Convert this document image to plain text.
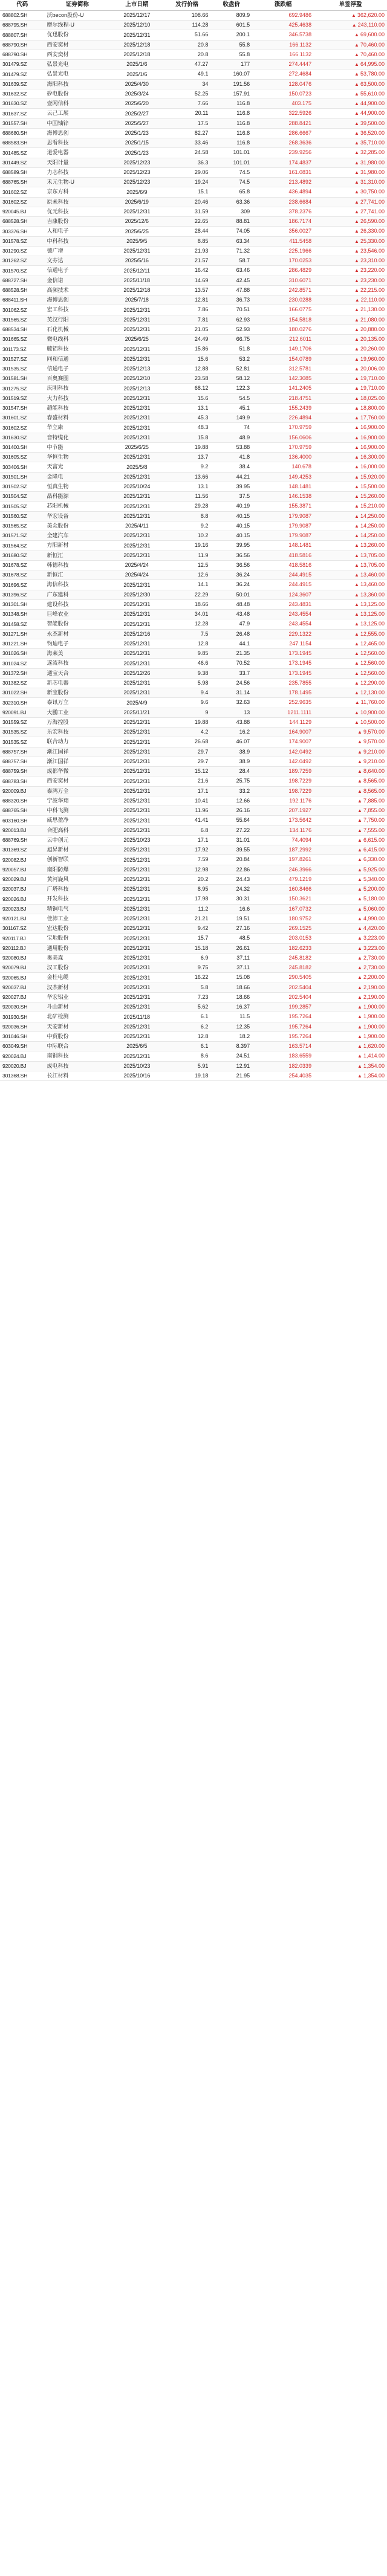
代码	证券简称	上市日期	发行价格	收盘价	涨跌幅	单签浮盈
688802.SH	沃becon股份-U	2025/12/17	108.66	809.9	692.9486	▲ 362,620.00
688795.SH	摩尔线程-U	2025/12/10	114.28	601.5	425.4638	▲ 243,110.00
688807.SH	优迅股份	2025/12/31	51.66	200.1	346.5738	▲ 69,600.00
688790.SH	西安奕材	2025/12/18	20.8	55.8	166.1132	▲ 70,460.00
688790.SH	西安奕材	2025/12/18	20.8	55.8	166.1132	▲ 70,460.00
301479.SZ	弘景光电	2025/1/6	47.27	177	274.4447	▲ 64,995.00
301479.SZ	弘景光电	2025/1/6	49.1	160.07	272.4684	▲ 53,780.00
301639.SZ	海阳科技	2025/4/30	34	191.56	128.0476	▲ 63,500.00
301632.SZ	矽电股份	2025/3/24	52.25	157.91	150.0723	▲ 55,610.00
301630.SZ	壹网信科	2025/6/20	7.66	116.8	403.175	▲ 44,900.00
301637.SZ	云己工展	2025/2/27	20.11	116.8	322.5926	▲ 44,900.00
301557.SH	中国铀锌	2025/5/27	17.5	116.8	288.8421	▲ 39,500.00
688680.SH	海博思创	2025/1/23	82.27	116.8	286.6667	▲ 36,520.00
688583.SH	思看科技	2025/1/15	33.46	116.8	268.3636	▲ 35,710.00
301485.SZ	道爱电器	2025/1/23	24.58	101.01	239.9256	▲ 32,285.00
301449.SZ	天阳计量	2025/12/23	36.3	101.01	174.4837	▲ 31,980.00
688589.SH	力芯科技	2025/12/23	29.06	74.5	161.0831	▲ 31,980.00
688765.SH	禾元生物-U	2025/12/23	19.24	74.5	213.4892	▲ 31,310.00
301602.SZ	京东方科	2025/6/9	15.1	65.8	436.4894	▲ 30,750.00
301602.SZ	原未科技	2025/6/19	20.46	63.36	238.6684	▲ 27,741.00
920045.BJ	优元科技	2025/12/31	31.59	309	378.2376	▲ 27,741.00
688528.SH	吉康股份	2025/12/6	22.65	88.81	186.7174	▲ 26,590.00
303376.SH	人和电子	2025/6/25	28.44	74.05	356.0027	▲ 26,330.00
301578.SZ	中科科技	2025/9/5	8.85	63.34	411.5458	▲ 25,330.00
301290.SZ	德广增	2025/12/31	21.93	71.32	225.1966	▲ 23,546.00
301262.SZ	文芬达	2025/5/16	21.57	58.7	170.0253	▲ 23,310.00
301570.SZ	信通电子	2025/12/11	16.42	63.46	286.4829	▲ 23,220.00
688727.SH	金信诺	2025/11/18	14.69	42.45	310.6071	▲ 23,230.00
688528.SH	高频技术	2025/12/18	13.57	47.88	242.8571	▲ 22,215.00
688411.SH	海博思创	2025/7/18	12.81	36.73	230.0288	▲ 22,110.00
301062.SZ	宏工科技	2025/12/31	7.86	70.51	166.0775	▲ 21,130.00
301565.SZ	英汉行阳	2025/12/31	7.81	62.93	154.5818	▲ 21,080.00
688534.SH	石化机械	2025/12/31	21.05	52.93	180.0276	▲ 20,880.00
301665.SZ	微电线科	2025/6/25	24.49	66.75	212.6011	▲ 20,135.00
301173.SZ	毓铝科技	2025/12/31	15.86	51.8	149.1706	▲ 20,260.00
301527.SZ	同和信通	2025/12/31	15.6	53.2	154.0789	▲ 19,960.00
301535.SZ	信通电子	2025/12/13	12.88	52.81	312.5781	▲ 20,006.00
301581.SH	百奥赛图	2025/12/10	23.58	58.12	142.3085	▲ 19,710.00
301275.SZ	庆刚科技	2025/12/13	68.12	122.3	141.2405	▲ 19,710.00
301519.SZ	大力科技	2025/12/31	15.6	54.5	218.4751	▲ 18,025.00
301547.SH	超能科技	2025/12/31	13.1	45.1	155.2439	▲ 18,800.00
301601.SZ	春盛材料	2025/12/31	45.3	149.9	226.4894	▲ 17,760.00
301602.SZ	华立康	2025/12/31	48.3	74	170.9759	▲ 16,900.00
301630.SZ	音特缆化	2025/12/31	15.8	48.9	156.0606	▲ 16,900.00
301400.SH	中节能	2025/6/25	19.88	53.88	170.9759	▲ 16,900.00
301605.SZ	华恒生物	2025/12/31	13.7	41.8	136.4000	▲ 16,300.00
303406.SH	天富光	2025/5/8	9.2	38.4	140.678	▲ 16,000.00
301501.SH	金隆电	2025/12/31	13.66	44.21	149.4253	▲ 15,920.00
301502.SZ	恒真生物	2025/10/24	13.1	39.95	148.1481	▲ 15,500.00
301504.SZ	晶科能源	2025/12/31	11.56	37.5	146.1538	▲ 15,260.00
301505.SZ	芯阳机械	2025/12/31	29.28	40.19	155.3871	▲ 15,210.00
301560.SZ	华宏设备	2025/12/31	8.8	40.15	179.9087	▲ 14,250.00
301565.SZ	美众股份	2025/4/11	9.2	40.15	179.9087	▲ 14,250.00
301571.SZ	全建汽车	2025/12/31	10.2	40.15	179.9087	▲ 14,250.00
301564.SZ	方阳新材	2025/12/31	19.16	39.95	148.1481	▲ 13,260.00
301680.SZ	新恒汇	2025/12/31	11.9	36.56	418.5816	▲ 13,705.00
301678.SZ	韩德科技	2025/4/24	12.5	36.56	418.5816	▲ 13,705.00
301678.SZ	新恒汇	2025/4/24	12.6	36.24	244.4915	▲ 13,460.00
301696.SZ	海信科技	2025/12/31	14.1	36.24	244.4915	▲ 13,460.00
301396.SZ	广东建科	2025/12/30	22.29	50.01	124.3607	▲ 13,360.00
301301.SH	建设科技	2025/12/31	18.66	48.48	243.4831	▲ 13,125.00
301348.SH	巨峰农业	2025/12/31	34.01	43.48	243.4554	▲ 13,125.00
301458.SZ	智能股份	2025/12/31	12.28	47.9	243.4554	▲ 13,125.00
301271.SH	永杰新材	2025/12/16	7.5	26.48	229.1322	▲ 12,555.00
301221.SH	钧迪电子	2025/12/31	12.8	44.1	247.1154	▲ 12,465.00
301026.SH	海莱美	2025/12/31	9.85	21.35	173.1945	▲ 12,560.00
301024.SZ	遂流科技	2025/12/31	46.6	70.52	173.1945	▲ 12,560.00
301372.SH	通宝天合	2025/12/26	9.38	33.7	173.1945	▲ 12,560.00
301382.SZ	新芯电器	2025/12/31	5.98	24.56	235.7855	▲ 12,290.00
301022.SH	新宝股份	2025/12/31	9.4	31.14	178.1495	▲ 12,130.00
302310.SH	泰讯万立	2025/4/9	9.6	32.63	252.9635	▲ 11,760.00
920091.BJ	大鹏工业	2025/11/21	9	13	1211.1111	▲ 10,900.00
301559.SZ	万海控股	2025/12/31	19.88	43.88	144.1129	▲ 10,500.00
301535.SZ	乐宏科技	2025/12/31	4.2	16.2	164.9007	▲ 9,570.00
301535.SZ	联合动力	2025/12/31	26.68	46.07	174.9007	▲ 9,570.00
688757.SH	渐江国祥	2025/12/31	29.7	38.9	142.0492	▲ 9,210.00
688757.SH	渐江国祥	2025/12/31	29.7	38.9	142.0492	▲ 9,210.00
688759.SH	成都华微	2025/12/31	15.12	28.4	189.7259	▲ 8,640.00
688783.SH	西安奕材	2025/12/31	21.6	25.75	198.7229	▲ 8,565.00
920009.BJ	泰鸿万全	2025/12/31	17.1	33.2	198.7229	▲ 8,565.00
688320.SH	宁波华翔	2025/12/31	10.41	12.66	192.1176	▲ 7,885.00
688765.SH	中科飞测	2025/12/31	11.96	26.16	207.1927	▲ 7,855.00
603160.SH	威思盈净	2025/12/31	41.41	55.64	173.5642	▲ 7,750.00
920013.BJ	合肥高科	2025/12/31	6.8	27.22	134.1176	▲ 7,555.00
688769.SH	云中创元	2025/10/23	17.1	31.01	74.4094	▲ 6,615.00
301369.SZ	旭昇新材	2025/12/31	17.92	39.55	187.2992	▲ 6,415.00
920082.BJ	创新智联	2025/12/31	7.59	20.84	197.8261	▲ 6,330.00
920057.BJ	南阳防爆	2025/12/31	12.98	22.86	246.3966	▲ 5,925.00
920029.BJ	黄河旋风	2025/12/31	20.2	24.43	479.1219	▲ 5,340.00
920037.BJ	广塔科技	2025/12/31	8.95	24.32	160.8466	▲ 5,200.00
920026.BJ	开发科技	2025/12/31	17.98	30.31	150.3621	▲ 5,180.00
920023.BJ	精铜电气	2025/12/31	11.2	16.6	167.0732	▲ 5,060.00
920121.BJ	佳沛工业	2025/12/31	21.21	19.51	180.9752	▲ 4,990.00
301167.SZ	宏达股份	2025/12/31	9.42	27.16	269.1525	▲ 4,420.00
920117.BJ	宝地股份	2025/12/31	15.7	48.5	203.0153	▲ 3,223.00
920112.BJ	通用股份	2025/12/31	15.18	26.61	182.6233	▲ 3,223.00
920080.BJ	奥美森	2025/12/31	6.9	37.11	245.8182	▲ 2,730.00
920079.BJ	汉工股份	2025/12/31	9.75	37.11	245.8182	▲ 2,730.00
920065.BJ	金桂电缆	2025/12/31	16.22	15.08	290.5405	▲ 2,200.00
920037.BJ	汉杰新材	2025/12/31	5.8	18.66	202.5404	▲ 2,190.00
920027.BJ	华宏铝业	2025/12/31	7.23	18.66	202.5404	▲ 2,190.00
920030.SH	斗山新材	2025/12/31	5.62	16.37	199.2857	▲ 1,900.00
301930.SH	北矿检测	2025/11/18	6.1	11.5	195.7264	▲ 1,900.00
920036.SH	天安新材	2025/12/31	6.2	12.35	195.7264	▲ 1,900.00
301046.SH	中贸股份	2025/12/31	12.8	18.2	195.7264	▲ 1,900.00
603049.SH	中际联合	2025/6/5	6.1	8.397	163.5714	▲ 1,620.00
920024.BJ	南钢科技	2025/12/31	8.6	24.51	183.6559	▲ 1,414.00
920020.BJ	成电科技	2025/10/23	5.91	12.91	182.0339	▲ 1,354.00
301368.SH	长江材料	2025/10/16	19.18	21.95	254.4035	▲ 1,354.00
